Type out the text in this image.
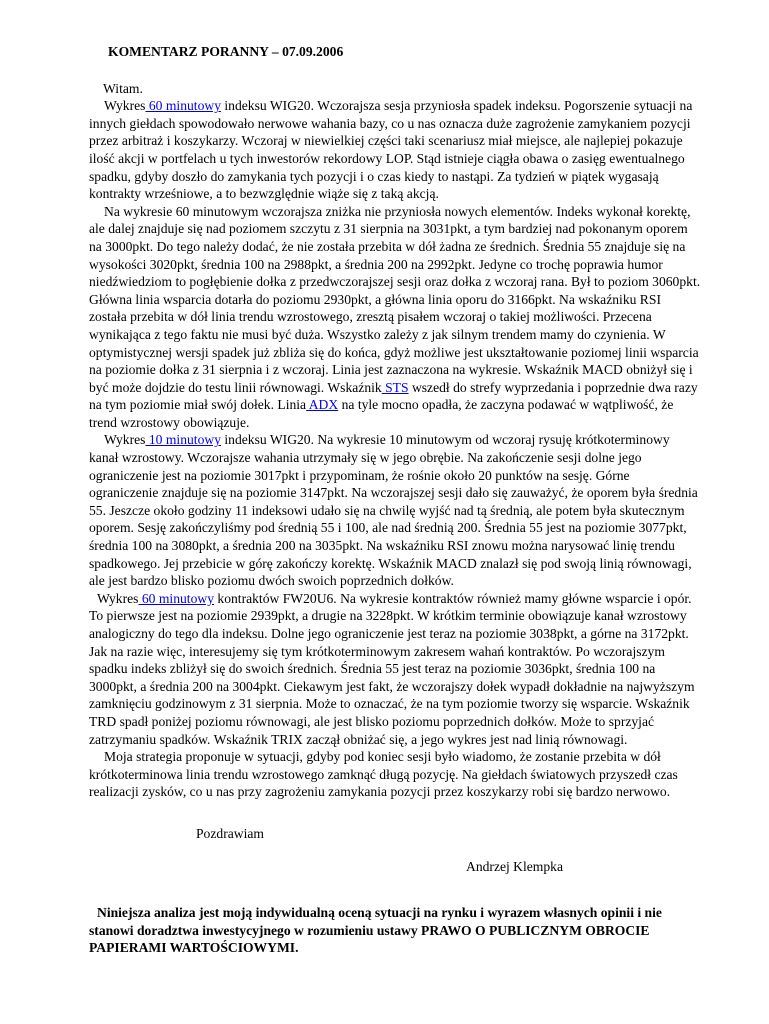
KOMENTARZ PORANNY – 07.09.2006

Witam.

Wykres 60 minutowy indeksu WIG20. Wczorajsza sesja przyniosła spadek indeksu. Pogorszenie sytuacji na innych giełdach spowodowało nerwowe wahania bazy, co u nas oznacza duże zagrożenie zamykaniem pozycji przez arbitraż i koszykarzy. Wczoraj w niewielkiej części taki scenariusz miał miejsce, ale najlepiej pokazuje ilość akcji w portfelach u tych inwestorów rekordowy LOP. Stąd istnieje ciągła obawa o zasięg ewentualnego spadku, gdyby doszło do zamykania tych pozycji i o czas kiedy to nastąpi. Za tydzień w piątek wygasają kontrakty wrześniowe, a to bezwzględnie wiąże się z taką akcją.

Na wykresie 60 minutowym wczorajsza zniżka nie przyniosła nowych elementów. Indeks wykonał korektę, ale dalej znajduje się nad poziomem szczytu z 31 sierpnia na 3031pkt, a tym bardziej nad pokonanym oporem na 3000pkt. Do tego należy dodać, że nie została przebita w dół żadna ze średnich. Średnia 55 znajduje się na wysokości 3020pkt, średnia 100 na 2988pkt, a średnia 200 na 2992pkt. Jedyne co trochę poprawia humor niedźwiedziom to pogłębienie dołka z przedwczorajszej sesji oraz dołka z wczoraj rana. Był to poziom 3060pkt. Główna linia wsparcia dotarła do poziomu 2930pkt, a główna linia oporu do 3166pkt. Na wskaźniku RSI została przebita w dół linia trendu wzrostowego, zresztą pisałem wczoraj o takiej możliwości. Przecena wynikająca z tego faktu nie musi być duża. Wszystko zależy z jak silnym trendem mamy do czynienia. W optymistycznej wersji spadek już zbliża się do końca, gdyż możliwe jest ukształtowanie poziomej linii wsparcia na poziomie dołka z 31 sierpnia i z wczoraj. Linia jest zaznaczona na wykresie. Wskaźnik MACD obniżył się i być może dojdzie do testu linii równowagi. Wskaźnik STS wszedł do strefy wyprzedania i poprzednie dwa razy na tym poziomie miał swój dołek. Linia ADX na tyle mocno opadła, że zaczyna podawać w wątpliwość, że trend wzrostowy obowiązuje.

Wykres 10 minutowy indeksu WIG20. Na wykresie 10 minutowym od wczoraj rysuję krótkoterminowy kanał wzrostowy. Wczorajsze wahania utrzymały się w jego obrębie. Na zakończenie sesji dolne jego ograniczenie jest na poziomie 3017pkt i przypominam, że rośnie około 20 punktów na sesję. Górne ograniczenie znajduje się na poziomie 3147pkt. Na wczorajszej sesji dało się zauważyć, że oporem była średnia 55. Jeszcze około godziny 11 indeksowi udało się na chwilę wyjść nad tą średnią, ale potem była skutecznym oporem. Sesję zakończyliśmy pod średnią 55 i 100, ale nad średnią 200. Średnia 55 jest na poziomie 3077pkt, średnia 100 na 3080pkt, a średnia 200 na 3035pkt. Na wskaźniku RSI znowu można narysować linię trendu spadkowego. Jej przebicie w górę zakończy korektę. Wskaźnik MACD znalazł się pod swoją linią równowagi, ale jest bardzo blisko poziomu dwóch swoich poprzednich dołków.

Wykres 60 minutowy kontraktów FW20U6. Na wykresie kontraktów również mamy główne wsparcie i opór. To pierwsze jest na poziomie 2939pkt, a drugie na 3228pkt. W krótkim terminie obowiązuje kanał wzrostowy analogiczny do tego dla indeksu. Dolne jego ograniczenie jest teraz na poziomie 3038pkt, a górne na 3172pkt. Jak na razie więc, interesujemy się tym krótkoterminowym zakresem wahań kontraktów. Po wczorajszym spadku indeks zbliżył się do swoich średnich. Średnia 55 jest teraz na poziomie 3036pkt, średnia 100 na 3000pkt, a średnia 200 na 3004pkt. Ciekawym jest fakt, że wczorajszy dołek wypadł dokładnie na najwyższym zamknięciu godzinowym z 31 sierpnia. Może to oznaczać, że na tym poziomie tworzy się wsparcie. Wskaźnik TRD spadł poniżej poziomu równowagi, ale jest blisko poziomu poprzednich dołków. Może to sprzyjać zatrzymaniu spadków. Wskaźnik TRIX zaczął obniżać się, a jego wykres jest nad linią równowagi.

Moja strategia proponuje w sytuacji, gdyby pod koniec sesji było wiadomo, że zostanie przebita w dół krótkoterminowa linia trendu wzrostowego zamknąć długą pozycję. Na giełdach światowych przyszedł czas realizacji zysków, co u nas przy zagrożeniu zamykania pozycji przez koszykarzy robi się bardzo nerwowo.

Pozdrawiam

Andrzej Klempka

Niniejsza analiza jest moją indywidualną oceną sytuacji na rynku i wyrazem własnych opinii i nie stanowi doradztwa inwestycyjnego w rozumieniu ustawy PRAWO O PUBLICZNYM OBROCIE PAPIERAMI WARTOŚCIOWYMI.
